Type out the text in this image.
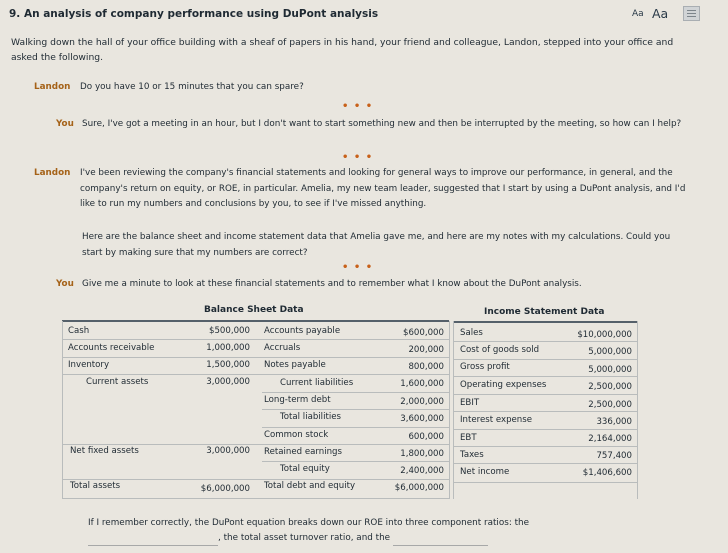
9. An analysis of company performance using DuPont analysis	Aa Aa
Walking down the hall of your office building with a sheaf of papers in his hand, your friend and colleague, Landon, stepped into your office and asked the following.
Landon Do you have 10 or 15 minutes that you can spare?
• • •
You Sure, I've got a meeting in an hour, but I don't want to start something new and then be interrupted by the meeting, so how can I help?
• • •
Landon I've been reviewing the company's financial statements and looking for general ways to improve our performance, in general, and the company's return on equity, or ROE, in particular. Amelia, my new team leader, suggested that I start by using a DuPont analysis, and I'd like to run my numbers and conclusions by you, to see if I've missed anything.
Here are the balance sheet and income statement data that Amelia gave me, and here are my notes with my calculations. Could you start by making sure that my numbers are correct?
• • •
You Give me a minute to look at these financial statements and to remember what I know about the DuPont analysis.
Balance Sheet Data	Income Statement Data
Cash	$500,000
Accounts receivable	1,000,000
Inventory	1,500,000
Current assets	3,000,000
Net fixed assets	3,000,000
Total assets	$6,000,000
Accounts payable	$600,000
Accruals	200,000
Notes payable	800,000
Current liabilities	1,600,000
Long-term debt	2,000,000
Total liabilities	3,600,000
Common stock	600,000
Retained earnings	1,800,000
Total equity	2,400,000
Total debt and equity	$6,000,000
Sales	$10,000,000
Cost of goods sold	5,000,000
Gross profit	5,000,000
Operating expenses	2,500,000
EBIT	2,500,000
Interest expense	336,000
EBT	2,164,000
Taxes	757,400
Net income	$1,406,600
If I remember correctly, the DuPont equation breaks down our ROE into three component ratios: the
, the total asset turnover ratio, and the
